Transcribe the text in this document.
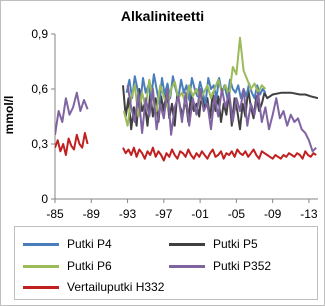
Alkaliniteetti
mmol/l
0
0,3
0,6
0,9
-85 -89 -93 -97 -01 -05 -09 -13
Putki P4	Putki P5
Putki P6	Putki P352
Vertailuputki H332
